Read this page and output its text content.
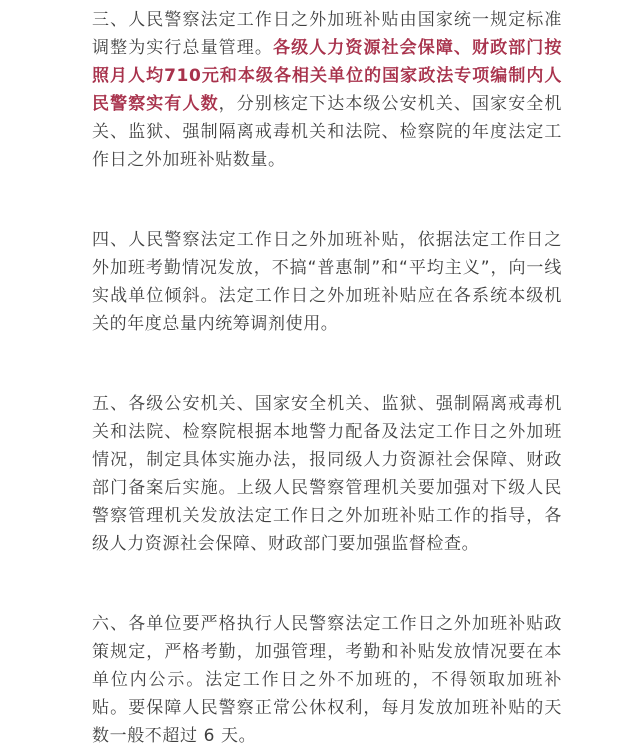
三、人民警察法定工作日之外加班补贴由国家统一规定标准调整为实行总量管理。各级人力资源社会保障、财政部门按照月人均710元和本级各相关单位的国家政法专项编制内人民警察实有人数，分别核定下达本级公安机关、国家安全机关、监狱、强制隔离戒毒机关和法院、检察院的年度法定工作日之外加班补贴数量。

四、人民警察法定工作日之外加班补贴，依据法定工作日之外加班考勤情况发放，不搞“普惠制”和“平均主义”，向一线实战单位倾斜。法定工作日之外加班补贴应在各系统本级机关的年度总量内统筹调剂使用。

五、各级公安机关、国家安全机关、监狱、强制隔离戒毒机关和法院、检察院根据本地警力配备及法定工作日之外加班情况，制定具体实施办法，报同级人力资源社会保障、财政部门备案后实施。上级人民警察管理机关要加强对下级人民警察管理机关发放法定工作日之外加班补贴工作的指导，各级人力资源社会保障、财政部门要加强监督检查。

六、各单位要严格执行人民警察法定工作日之外加班补贴政策规定，严格考勤，加强管理，考勤和补贴发放情况要在本单位内公示。法定工作日之外不加班的，不得领取加班补贴。要保障人民警察正常公休权利，每月发放加班补贴的天数一般不超过 6 天。
